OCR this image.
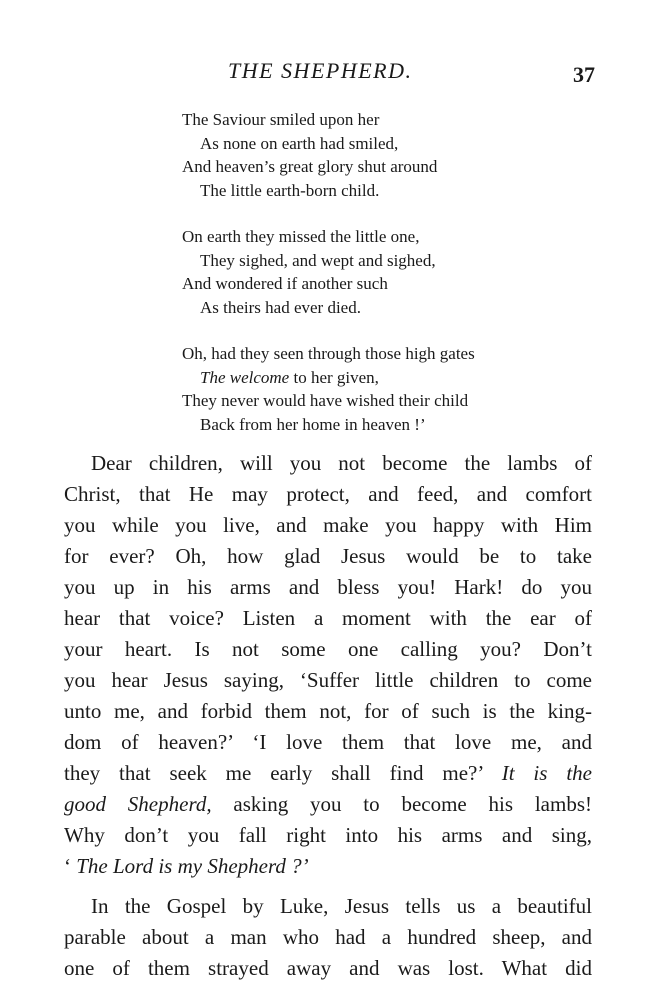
THE SHEPHERD.	37
The Saviour smiled upon her
As none on earth had smiled,
And heaven’s great glory shut around
The little earth-born child.
On earth they missed the little one,
They sighed, and wept and sighed,
And wondered if another such
As theirs had ever died.
Oh, had they seen through those high gates
The welcome to her given,
They never would have wished their child
Back from her home in heaven !’
Dear children, will you not become the lambs of
Christ, that He may protect, and feed, and comfort
you while you live, and make you happy with Him
for ever? Oh, how glad Jesus would be to take
you up in his arms and bless you! Hark! do you
hear that voice? Listen a moment with the ear of
your heart. Is not some one calling you? Don’t
you hear Jesus saying, ‘Suffer little children to come
unto me, and forbid them not, for of such is the king-
dom of heaven?’ ‘I love them that love me, and
they that seek me early shall find me?’ It is the
good Shepherd, asking you to become his lambs!
Why don’t you fall right into his arms and sing,
‘ The Lord is my Shepherd ?’
In the Gospel by Luke, Jesus tells us a beautiful
parable about a man who had a hundred sheep, and
one of them strayed away and was lost. What did
